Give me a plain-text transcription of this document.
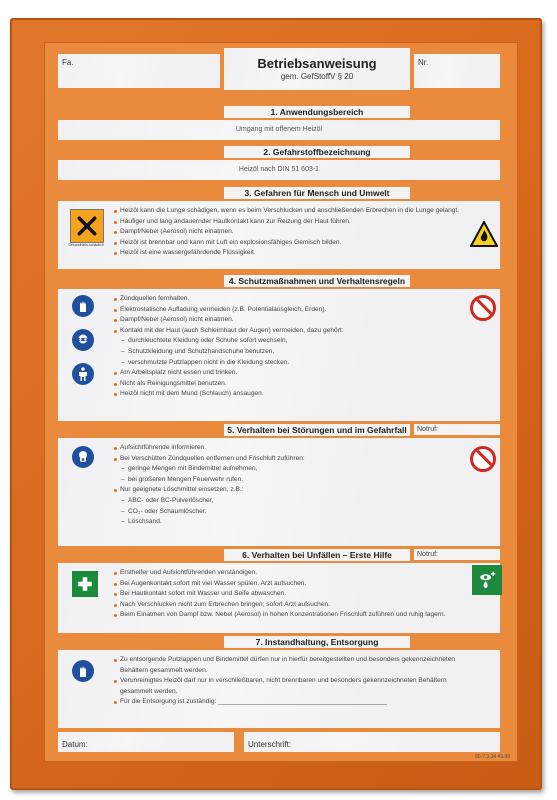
Fa.	Betriebsanweisung
gem. GefStoffV § 20
Nr.
1. Anwendungsbereich
Umgang mit offenem Heizöl
2. Gefahrstoffbezeichnung
Heizöl nach DIN 51 603-1
3. Gefahren für Mensch und Umwelt
Gesundheits-schädlich
Heizöl kann die Lunge schädigen, wenn es beim Verschlucken und anschließenden Erbrechen in die Lunge gelangt.
Häufiger und lang andauernder Hautkontakt kann zur Reizung der Haut führen.
Dampf/Nebel (Aerosol) nicht einatmen.
Heizöl ist brennbar und kann mit Luft ein explosionsfähiges Gemisch bilden.
Heizöl ist eine wassergefährdende Flüssigkeit.
4. Schutzmaßnahmen und Verhaltensregeln
Zündquellen fernhalten.
Elektrostatische Aufladung vermeiden (z.B. Potentialausgleich, Erden).
Dampf/Nebel (Aerosol) nicht einatmen.
Kontakt mit der Haut (auch Schleimhaut der Augen) vermeiden, dazu gehört:
– durchleuchtete Kleidung oder Schuhe sofort wechseln,
– Schutzkleidung und Schutzhandschuhe benutzen,
– verschmutzte Putzlappen nicht in die Kleidung stecken.
Am Arbeitsplatz nicht essen und trinken.
Nicht als Reinigungsmittel benutzen.
Heizöl nicht mit dem Mund (Schlauch) ansaugen.
5. Verhalten bei Störungen und im Gefahrfall	Notruf:
Aufsichtführende informieren.
Bei Verschütten Zündquellen entfernen und Frischluft zuführen:
– geringe Mengen mit Bindemittel aufnehmen,
– bei größeren Mengen Feuerwehr rufen.
Nur geeignete Löschmittel einsetzen, z.B.:
– ABC- oder BC-Pulverlöscher,
– CO₂- oder Schaumlöscher,
– Löschsand.
6. Verhalten bei Unfällen – Erste Hilfe	Notruf:
Ersthelfer und Aufsichtführenden verständigen.
Bei Augenkontakt sofort mit viel Wasser spülen. Arzt aufsuchen.
Bei Hautkontakt sofort mit Wasser und Seife abwaschen.
Nach Verschlucken nicht zum Erbrechen bringen; sofort Arzt aufsuchen.
Beim Einatmen von Dampf bzw. Nebel (Aerosol) in hohen Konzentrationen Frischluft zuführen und ruhig lagern.
7. Instandhaltung, Entsorgung
Zu entsorgende Putzlappen und Bindemittel dürfen nur in hierfür bereitgestellten und besonders gekennzeichneten Behältern gesammelt werden.
Verunreinigtes Heizöl darf nur in verschließbaren, nicht brennbaren und besonders gekennzeichneten Behältern gesammelt werden.
Für die Entsorgung ist zuständig: ______________________________________________
Datum:	Unterschrift:
80-7.3.34 49.98
